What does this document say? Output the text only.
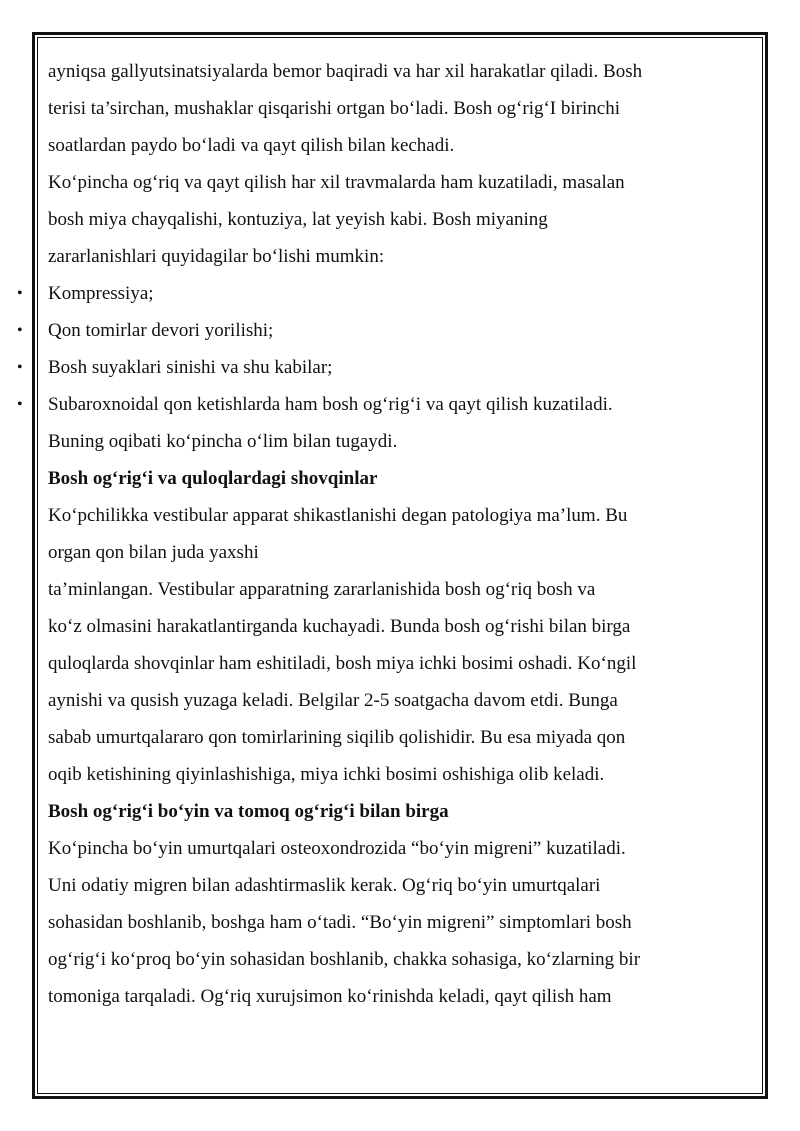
ayniqsa gallyutsinatsiyalarda bemor baqiradi va har xil harakatlar qiladi. Bosh
terisi ta’sirchan, mushaklar qisqarishi ortgan bo‘ladi. Bosh og‘rig‘I birinchi
soatlardan paydo bo‘ladi va qayt qilish bilan kechadi.
Ko‘pincha og‘riq va qayt qilish har xil travmalarda ham kuzatiladi, masalan
bosh miya chayqalishi, kontuziya, lat yeyish kabi. Bosh miyaning
zararlanishlari quyidagilar bo‘lishi mumkin:
• Kompressiya;
• Qon tomirlar devori yorilishi;
• Bosh suyaklari sinishi va shu kabilar;
• Subaroxnoidal qon ketishlarda ham bosh og‘rig‘i va qayt qilish kuzatiladi.
Buning oqibati ko‘pincha o‘lim bilan tugaydi.
Bosh og‘rig‘i va quloqlardagi shovqinlar
Ko‘pchilikka vestibular apparat shikastlanishi degan patologiya ma’lum. Bu
organ qon bilan juda yaxshi
ta’minlangan. Vestibular apparatning zararlanishida bosh og‘riq bosh va
ko‘z olmasini harakatlantirganda kuchayadi. Bunda bosh og‘rishi bilan birga
quloqlarda shovqinlar ham eshitiladi, bosh miya ichki bosimi oshadi. Ko‘ngil
aynishi va qusish yuzaga keladi. Belgilar 2-5 soatgacha davom etdi. Bunga
sabab umurtqalararo qon tomirlarining siqilib qolishidir. Bu esa miyada qon
oqib ketishining qiyinlashishiga, miya ichki bosimi oshishiga olib keladi.
Bosh og‘rig‘i bo‘yin va tomoq og‘rig‘i bilan birga
Ko‘pincha bo‘yin umurtqalari osteoxondrozida “bo‘yin migreni” kuzatiladi.
Uni odatiy migren bilan adashtirmaslik kerak. Og‘riq bo‘yin umurtqalari
sohasidan boshlanib, boshga ham o‘tadi. “Bo‘yin migreni” simptomlari bosh
og‘rig‘i ko‘proq bo‘yin sohasidan boshlanib, chakka sohasiga, ko‘zlarning bir
tomoniga tarqaladi. Og‘riq xurujsimon ko‘rinishda keladi, qayt qilish ham
